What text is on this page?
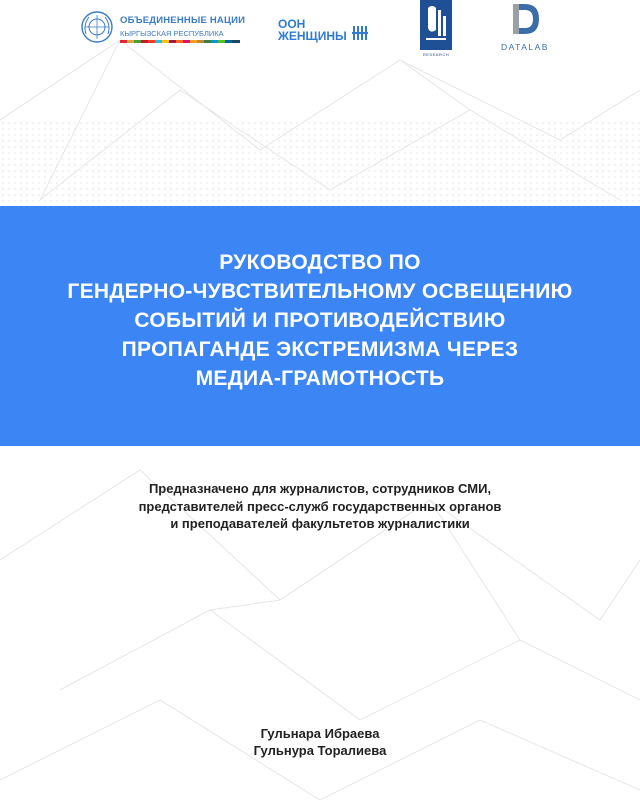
ОБЪЕДИНЕННЫЕ НАЦИИ
КЫРГЫЗСКАЯ РЕСПУБЛИКА
ООН
ЖЕНЩИНЫ
RESEARCH
DATALAB
РУКОВОДСТВО ПО
ГЕНДЕРНО-ЧУВСТВИТЕЛЬНОМУ ОСВЕЩЕНИЮ
СОБЫТИЙ И ПРОТИВОДЕЙСТВИЮ
ПРОПАГАНДЕ ЭКСТРЕМИЗМА ЧЕРЕЗ
МЕДИА-ГРАМОТНОСТЬ
Предназначено для журналистов, сотрудников СМИ,
представителей пресс-служб государственных органов
и преподавателей факультетов журналистики
Гульнара Ибраева
Гульнура Торалиева
